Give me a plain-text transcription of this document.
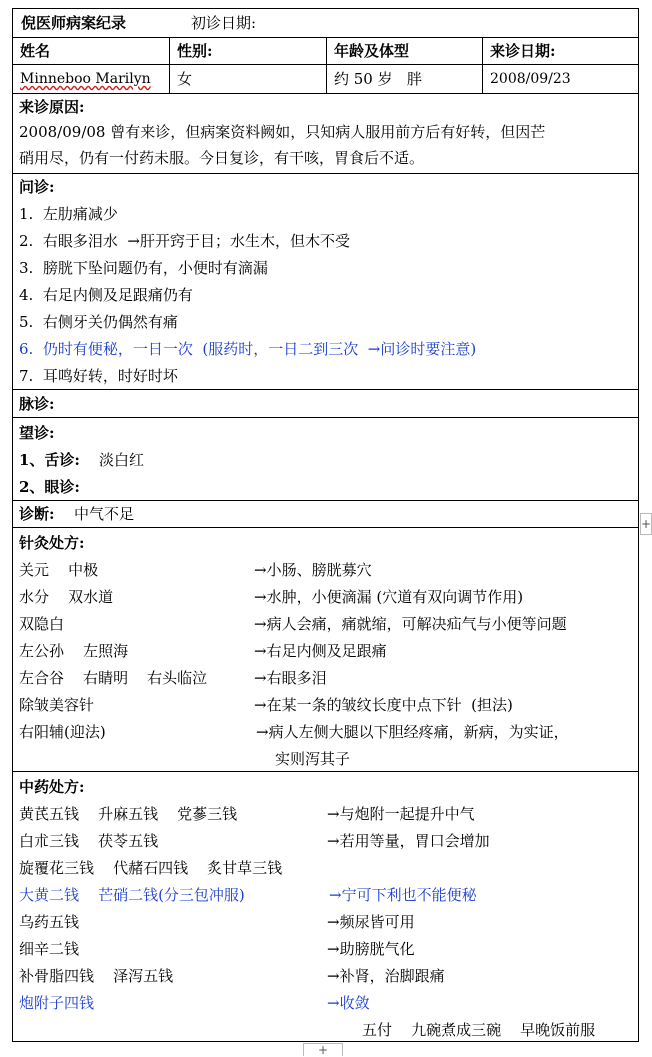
倪医师病案纪录	初诊日期:
姓名	性别:	年龄及体型	来诊日期:
Minneboo Marilyn 女	约 50 岁   胖	2008/09/23
来诊原因:
2008/09/08 曾有来诊，但病案资料阙如，只知病人服用前方后有好转，但因芒
硝用尽，仍有一付药未服。今日复诊，有干咳，胃食后不适。
问诊:
1.  左肋痛减少
2.  右眼多泪水  →肝开窍于目；水生木，但木不受
3.  膀胱下坠问题仍有，小便时有滴漏
4.  右足内侧及足跟痛仍有
5.  右侧牙关仍偶然有痛
6.  仍时有便秘，一日一次  (服药时，一日二到三次  →问诊时要注意)
7.  耳鸣好转，时好时坏
脉诊:
望诊:
1、舌诊: 淡白红
2、眼诊:
诊断: 中气不足
针灸处方:
关元    中极	→小肠、膀胱募穴
水分    双水道	→水肿，小便滴漏 (穴道有双向调节作用)
双隐白	→病人会痛，痛就缩，可解决疝气与小便等问题
左公孙    左照海	→右足内侧及足跟痛
左合谷    右睛明    右头临泣	→右眼多泪
除皱美容针	→在某一条的皱纹长度中点下针  (担法)
右阳辅(迎法)	→病人左侧大腿以下胆经疼痛，新病，为实证，
实则泻其子
中药处方:
黄芪五钱    升麻五钱    党蔘三钱	→与炮附一起提升中气
白朮三钱    茯苓五钱	→若用等量，胃口会增加
旋覆花三钱    代赭石四钱    炙甘草三钱
大黄二钱    芒硝二钱(分三包冲服)	→宁可下利也不能便秘
乌药五钱	→频尿皆可用
细辛二钱	→助膀胱气化
补骨脂四钱    泽泻五钱	→补肾，治脚跟痛
炮附子四钱	→收敛
五付    九碗煮成三碗    早晚饭前服
+
+
